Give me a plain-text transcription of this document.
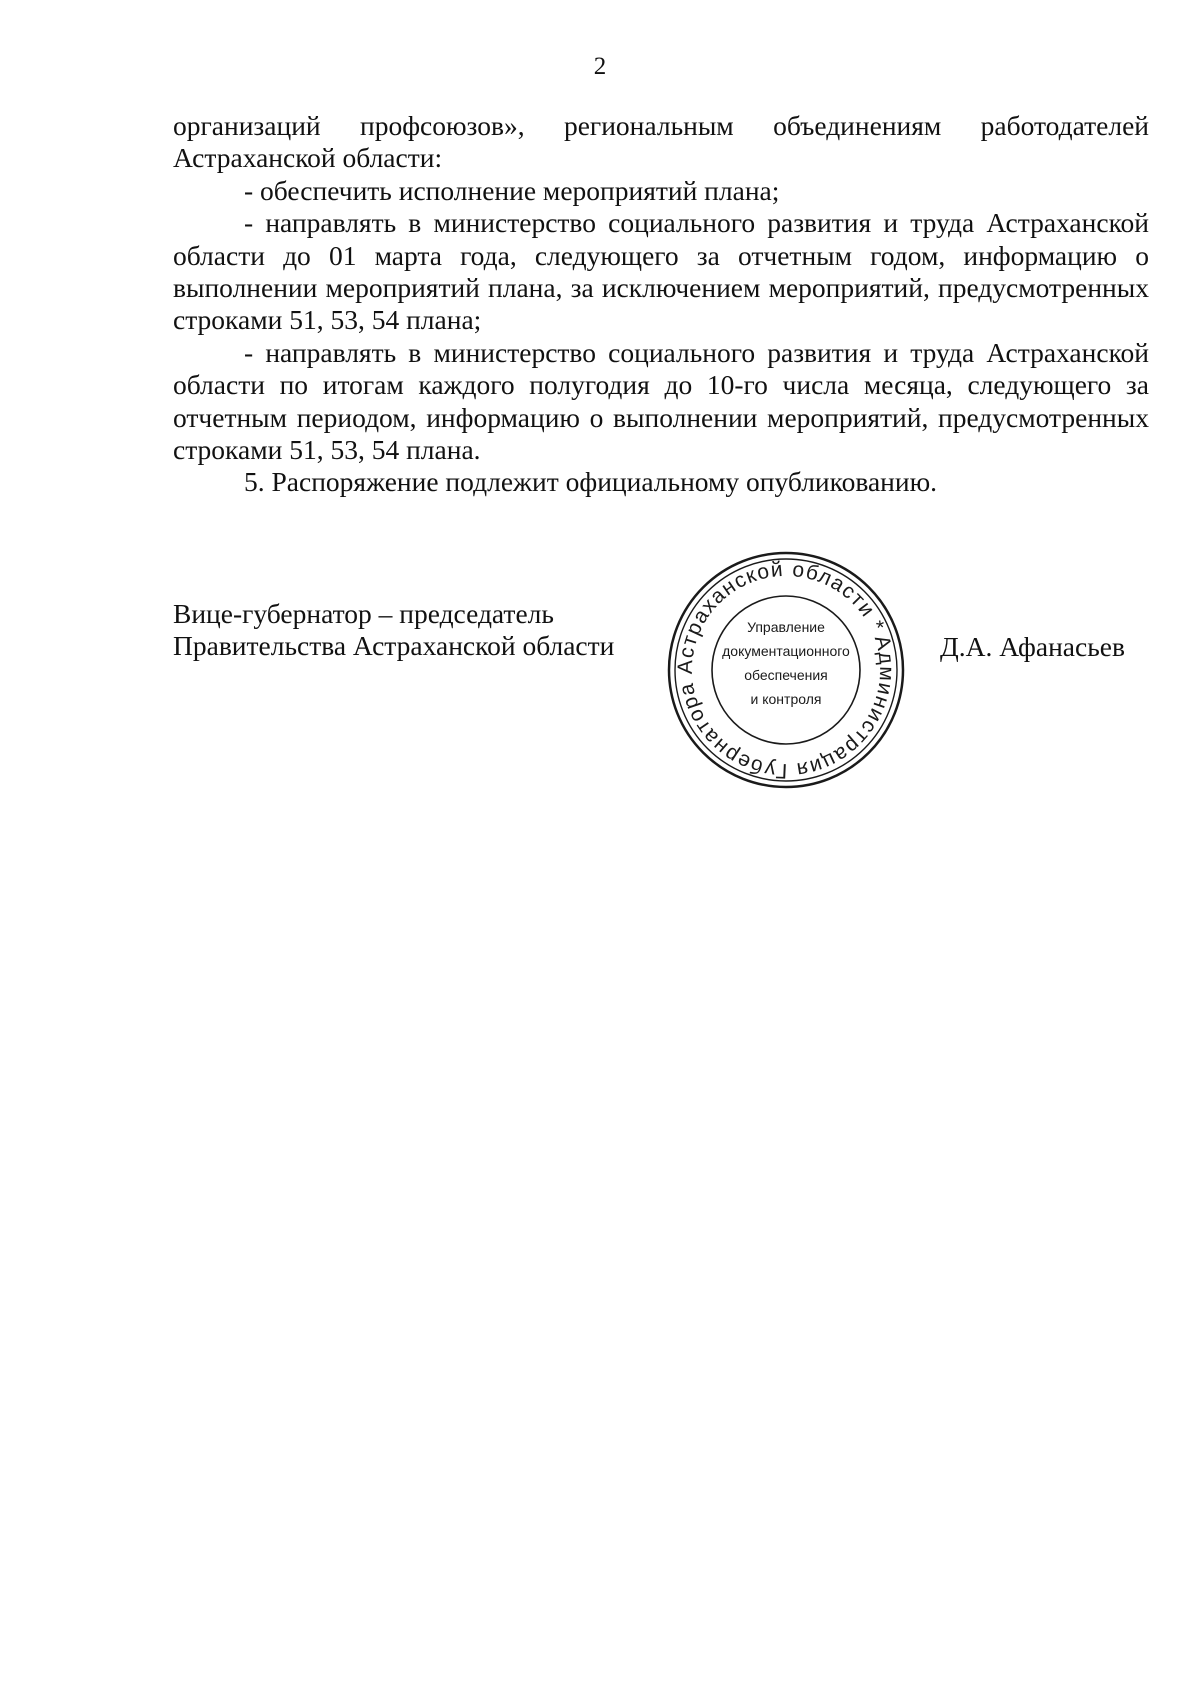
2

организаций профсоюзов», региональным объединениям работодателей Астраханской области:

- обеспечить исполнение мероприятий плана;

- направлять в министерство социального развития и труда Астраханской области до 01 марта года, следующего за отчетным годом, информацию о выполнении мероприятий плана, за исключением мероприятий, предусмотренных строками 51, 53, 54 плана;

- направлять в министерство социального развития и труда Астраханской области по итогам каждого полугодия до 10-го числа месяца, следующего за отчетным периодом, информацию о выполнении мероприятий, предусмотренных строками 51, 53, 54 плана.

5. Распоряжение подлежит официальному опубликованию.

Вице-губернатор – председатель
Правительства Астраханской области	Д.А. Афанасьев
Администрация Губернатора Астраханской области *
Управление
документационного
обеспечения
и контроля
